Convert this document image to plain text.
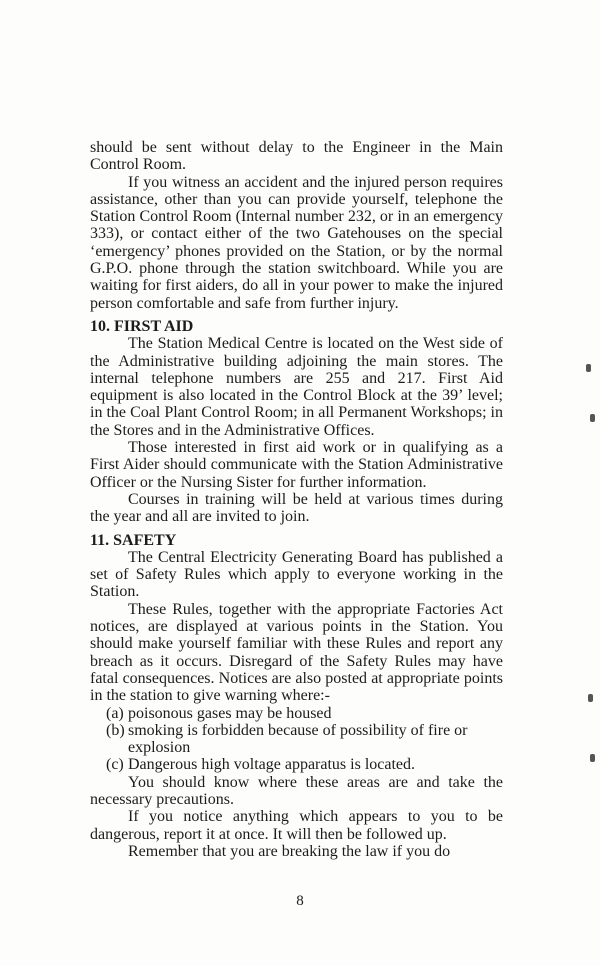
should be sent without delay to the Engineer in the Main Control Room.

If you witness an accident and the injured person requires assistance, other than you can provide yourself, telephone the Station Control Room (Internal number 232, or in an emergency 333), or contact either of the two Gatehouses on the special ‘emergency’ phones provided on the Station, or by the normal G.P.O. phone through the station switchboard. While you are waiting for first aiders, do all in your power to make the injured person comfortable and safe from further injury.

10. FIRST AID

The Station Medical Centre is located on the West side of the Administrative building adjoining the main stores. The internal telephone numbers are 255 and 217. First Aid equipment is also located in the Control Block at the 39’ level; in the Coal Plant Control Room; in all Permanent Workshops; in the Stores and in the Administrative Offices.

Those interested in first aid work or in qualifying as a First Aider should communicate with the Station Administrative Officer or the Nursing Sister for further information.

Courses in training will be held at various times during the year and all are invited to join.

11. SAFETY

The Central Electricity Generating Board has published a set of Safety Rules which apply to everyone working in the Station.

These Rules, together with the appropriate Factories Act notices, are displayed at various points in the Station. You should make yourself familiar with these Rules and report any breach as it occurs. Disregard of the Safety Rules may have fatal consequences. Notices are also posted at appropriate points in the station to give warning where:-

(a) poisonous gases may be housed
(b) smoking is forbidden because of possibility of fire or explosion
(c) Dangerous high voltage apparatus is located.

You should know where these areas are and take the necessary precautions.

If you notice anything which appears to you to be dangerous, report it at once. It will then be followed up.

Remember that you are breaking the law if you do

8
